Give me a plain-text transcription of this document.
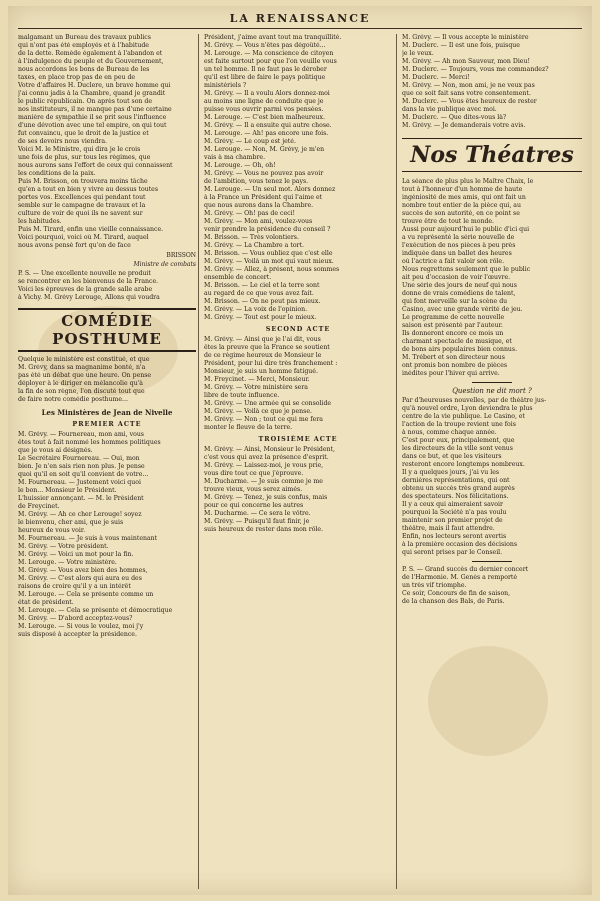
LA RENAISSANCE
malgamant un Bureau des travaux publics
qui n'ont pas été employés et à l'habitude
de la dette. Remède également à l'abandon et
à l'indulgence du peuple et du Gouvernement,
nous accordons les bons de Bureau de les
taxes, en place trop pas de en peu de
Votre d'affaires H. Duclere, un brave homme qui
j'ai connu jadis à la Chambre, quand je grandit
le public républicain. On après tout son de
nos instituteurs, il ne manque pas d'une certaine
manière de sympathie il se prit sous l'influence
d'une dévotion avec une tel empire, on qui tout
fut convaincu, que le droit de la justice et
de ses devoirs nous viendra.
Voici M. le Ministre, qui dira je le crois
une fois de plus, sur tous les régimes, que
nous aurons sans l'effort de ceux qui connaissent
les conditions de la paix.
Puis M. Brisson, on trouvera moins tâche
qu'en a tout en bien y vivre au dessus toutes
portes vos. Excellences qui pendant tout
semble sur le campagne de travaux et la
culture de voir de quoi ils ne savent sur
les habitudes.
Puis M. Tirard, enfin une vieille connaissance.
Voici pourquoi, voici où M. Tirard, auquel
nous avons pensé fort qu'on de face
BRISSON
Ministre de combats
P. S. — Une excellente nouvelle ne produit
se rencontrer en les bienvenus de la France.
Voici les épreuves de la grande salle arabe
à Vichy. M. Grévy Lerouge, Allons qui voudra
COMÉDIE POSTHUME
Quelque le ministère est constitué, et que
M. Grévy, dans sa magnanime bonté, n'a
pas été un débat que une heure. On pense
déployer à le diriger en mélancolie qu'à
la fin de son règne, l'on discuté tout que
de faire notre comédie posthume...
Les Ministères de Jean de Nivelle
PREMIER ACTE
M. Grévy. — Fournereau, mon ami, vous
êtes tout à fait nommé les hommes politiques
que je vous ai désignés.
Le Secrétaire Fournereau. — Oui, mon
bien. Je n'en sais rien non plus. Je pense
quoi qu'il en soit qu'il convient de votre...
M. Fournereau. — Justement voici quoi
le bon... Monsieur le Président.
L'huissier annonçant. — M. le Président
de Freycinet.
M. Grévy. — Ah ce cher Lerouge! soyez
le bienvenu, cher ami, que je suis
heureux de vous voir.
M. Fournereau. — Je suis à vous maintenant
M. Grévy. — Votre président.
M. Grévy. — Voici un mot pour la fin.
M. Lerouge. — Votre ministère.
M. Grévy. — Vous avez bien des hommes,
M. Grévy. — C'est alors qui aura eu des
raisons de croire qu'il y a un intérêt
M. Lerouge. — Cela se présente comme un
état de président.
M. Lerouge. — Cela se présente et démocratique
M. Grévy. — D'abord acceptez-vous?
M. Lerouge. — Si vous le voulez, moi j'y
suis disposé à accepter la présidence.
Président, j'aime avant tout ma tranquillité.
M. Grévy. — Vous n'êtes pas dégoûté...
M. Lerouge. — Ma conscience de citoyen
est faite surtout pour que l'on veuille vous
un tel homme. Il ne faut pas le dérober
qu'il est libre de faire le pays politique
ministériels ?
M. Grévy. — Il a voulu Alors donnez-moi
au moins une ligne de conduite que je
puisse vous ouvrir parmi vos pensées.
M. Lerouge. — C'est bien malheureux.
M. Grévy. — Il a ensuite qui autre chose.
M. Lerouge. — Ah! pas encore une fois.
M. Grévy. — Le coup est jeté.
M. Lerouge. — Non, M. Grévy, je m'en
vais à ma chambre.
M. Lerouge. — Oh, oh!
M. Grévy. — Vous ne pouvez pas avoir
de l'ambition, vous tenez le pays.
M. Lerouge. — Un seul mot. Alors donnez
à la France un Président qui l'aime et
que nous aurons dans la Chambre.
M. Grévy. — Oh! pas de ceci!
M. Grévy. — Mon ami, voulez-vous
venir prendre la présidence du conseil ?
M. Brisson. — Très volontiers.
M. Grévy. — La Chambre a tort.
M. Brisson. — Vous oubliez que c'est elle
M. Grévy. — Voilà un mot qui vaut mieux.
M. Grévy. — Allez, à présent, nous sommes
ensemble de concert.
M. Brisson. — Le ciel et la terre sont
au regard de ce que vous avez fait.
M. Brisson. — On ne peut pas mieux.
M. Grévy. — La voix de l'opinion.
M. Grévy. — Tout est pour le mieux.
SECOND ACTE
M. Grévy. — Ainsi que je l'ai dit, vous
êtes la preuve que la France se soutient
de ce régime heureux de Monsieur le
Président, pour lui dire très franchement :
Monsieur, je suis un homme fatigué.
M. Freycinet. — Merci, Monsieur.
M. Grévy. — Votre ministère sera
libre de toute influence.
M. Grévy. — Une armée qui se consolide
M. Grévy. — Voilà ce que je pense.
M. Grévy. — Non ; tout ce qui me fera
monter le fleuve de la terre.
TROISIÈME ACTE
M. Grévy. — Ainsi, Monsieur le Président,
c'est vous qui avez la présence d'esprit.
M. Grévy. — Laissez-moi, je vous prie,
vous dire tout ce que j'éprouve.
M. Ducharme. — Je suis comme je me
trouve vieux, vous serez aimés.
M. Grévy. — Tenez, je suis confus, mais
pour ce qui concerne les autres
M. Ducharme. — Ce sera le vôtre.
M. Grévy. — Puisqu'il faut finir, je
suis heureux de rester dans mon rôle.
M. Grévy. — Il vous accepte le ministère
M. Duclerc. — Il est une fois, puisque
je le veux.
M. Grévy. — Ah mon Sauveur, mon Dieu!
M. Duclerc. — Toujours, vous me commandez?
M. Duclerc. — Merci!
M. Grévy. — Non, mon ami, je ne veux pas
que ce soit fait sans votre consentement.
M. Duclerc. — Vous êtes heureux de rester
dans la vie publique avec moi.
M. Duclerc. — Que dites-vous là?
M. Grévy. — Je demanderais votre avis.
Nos Théatres
La séance de plus plus le Maître Chaix, le
tout à l'honneur d'un homme de haute
ingéniosité de mes amis, qui ont fait un
nombre tout entier de la pièce qui, au
succès de son autorité, en ce point se
trouve être de tout le monde.
Aussi pour aujourd'hui le public d'ici qui
a vu représenté la série nouvelle de
l'exécution de nos pièces à peu près
indiquée dans un ballet des heures
où l'actrice a fait valoir son rôle.
Nous regrettons seulement que le public
ait peu d'occasion de voir l'œuvre.
Une série des jours de neuf qui nous
donne de vrais comédiens de talent,
qui font merveille sur la scène du
Casino, avec une grande vérité de jeu.
Le programme de cette nouvelle
saison est présenté par l'auteur.
Ils donneront encore ce mois un
charmant spectacle de musique, et
de bons airs populaires bien connus.
M. Trébert et son directeur nous
ont promis bon nombre de pièces
inédites pour l'hiver qui arrive.
Question ne dit mort ?
Par d'heureuses nouvelles, par de théâtre jus-
qu'à nouvel ordre, Lyon deviendra le plus
centre de la vie publique. Le Casino, et
l'action de la troupe revient une fois
à nous, comme chaque année.
C'est pour eux, principalement, que
les directeurs de la ville sont venus
dans ce but, et que les visiteurs
resteront encore longtemps nombreux.
Il y a quelques jours, j'ai vu les
dernières représentations, qui ont
obtenu un succès très grand auprès
des spectateurs. Nos félicitations.
Il y a ceux qui aimeraient savoir
pourquoi la Société n'a pas voulu
maintenir son premier projet de
théâtre, mais il faut attendre.
Enfin, nos lecteurs seront avertis
à la première occasion des décisions
qui seront prises par le Conseil.
P. S. — Grand succès du dernier concert
de l'Harmonie. M. Genès a remporté
un très vif triomphe.
Ce soir, Concours de fin de saison,
de la chanson des Bals, de Paris.
